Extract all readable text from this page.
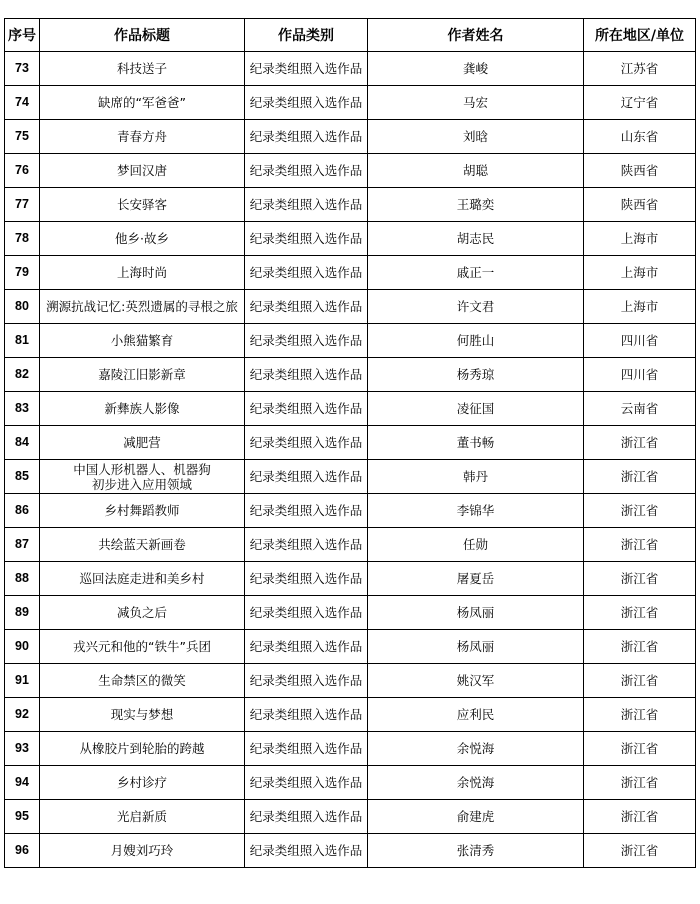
序号	作品标题	作品类别	作者姓名	所在地区/单位
73	科技送子	纪录类组照入选作品	龚峻	江苏省
74	缺席的“军爸爸”	纪录类组照入选作品	马宏	辽宁省
75	青春方舟	纪录类组照入选作品	刘晗	山东省
76	梦回汉唐	纪录类组照入选作品	胡聪	陕西省
77	长安驿客	纪录类组照入选作品	王璐奕	陕西省
78	他乡·故乡	纪录类组照入选作品	胡志民	上海市
79	上海时尚	纪录类组照入选作品	戚正一	上海市
80	溯源抗战记忆:英烈遗属的寻根之旅	纪录类组照入选作品	许文君	上海市
81	小熊猫繁育	纪录类组照入选作品	何胜山	四川省
82	嘉陵江旧影新章	纪录类组照入选作品	杨秀琼	四川省
83	新彝族人影像	纪录类组照入选作品	凌征国	云南省
84	减肥营	纪录类组照入选作品	董书畅	浙江省
85	中国人形机器人、机器狗
初步进入应用领域	纪录类组照入选作品	韩丹	浙江省
86	乡村舞蹈教师	纪录类组照入选作品	李锦华	浙江省
87	共绘蓝天新画卷	纪录类组照入选作品	任勋	浙江省
88	巡回法庭走进和美乡村	纪录类组照入选作品	屠夏岳	浙江省
89	减负之后	纪录类组照入选作品	杨凤丽	浙江省
90	戎兴元和他的“铁牛”兵团	纪录类组照入选作品	杨凤丽	浙江省
91	生命禁区的微笑	纪录类组照入选作品	姚汉军	浙江省
92	现实与梦想	纪录类组照入选作品	应利民	浙江省
93	从橡胶片到轮胎的跨越	纪录类组照入选作品	余悦海	浙江省
94	乡村诊疗	纪录类组照入选作品	余悦海	浙江省
95	光启新质	纪录类组照入选作品	俞建虎	浙江省
96	月嫂刘巧玲	纪录类组照入选作品	张清秀	浙江省
